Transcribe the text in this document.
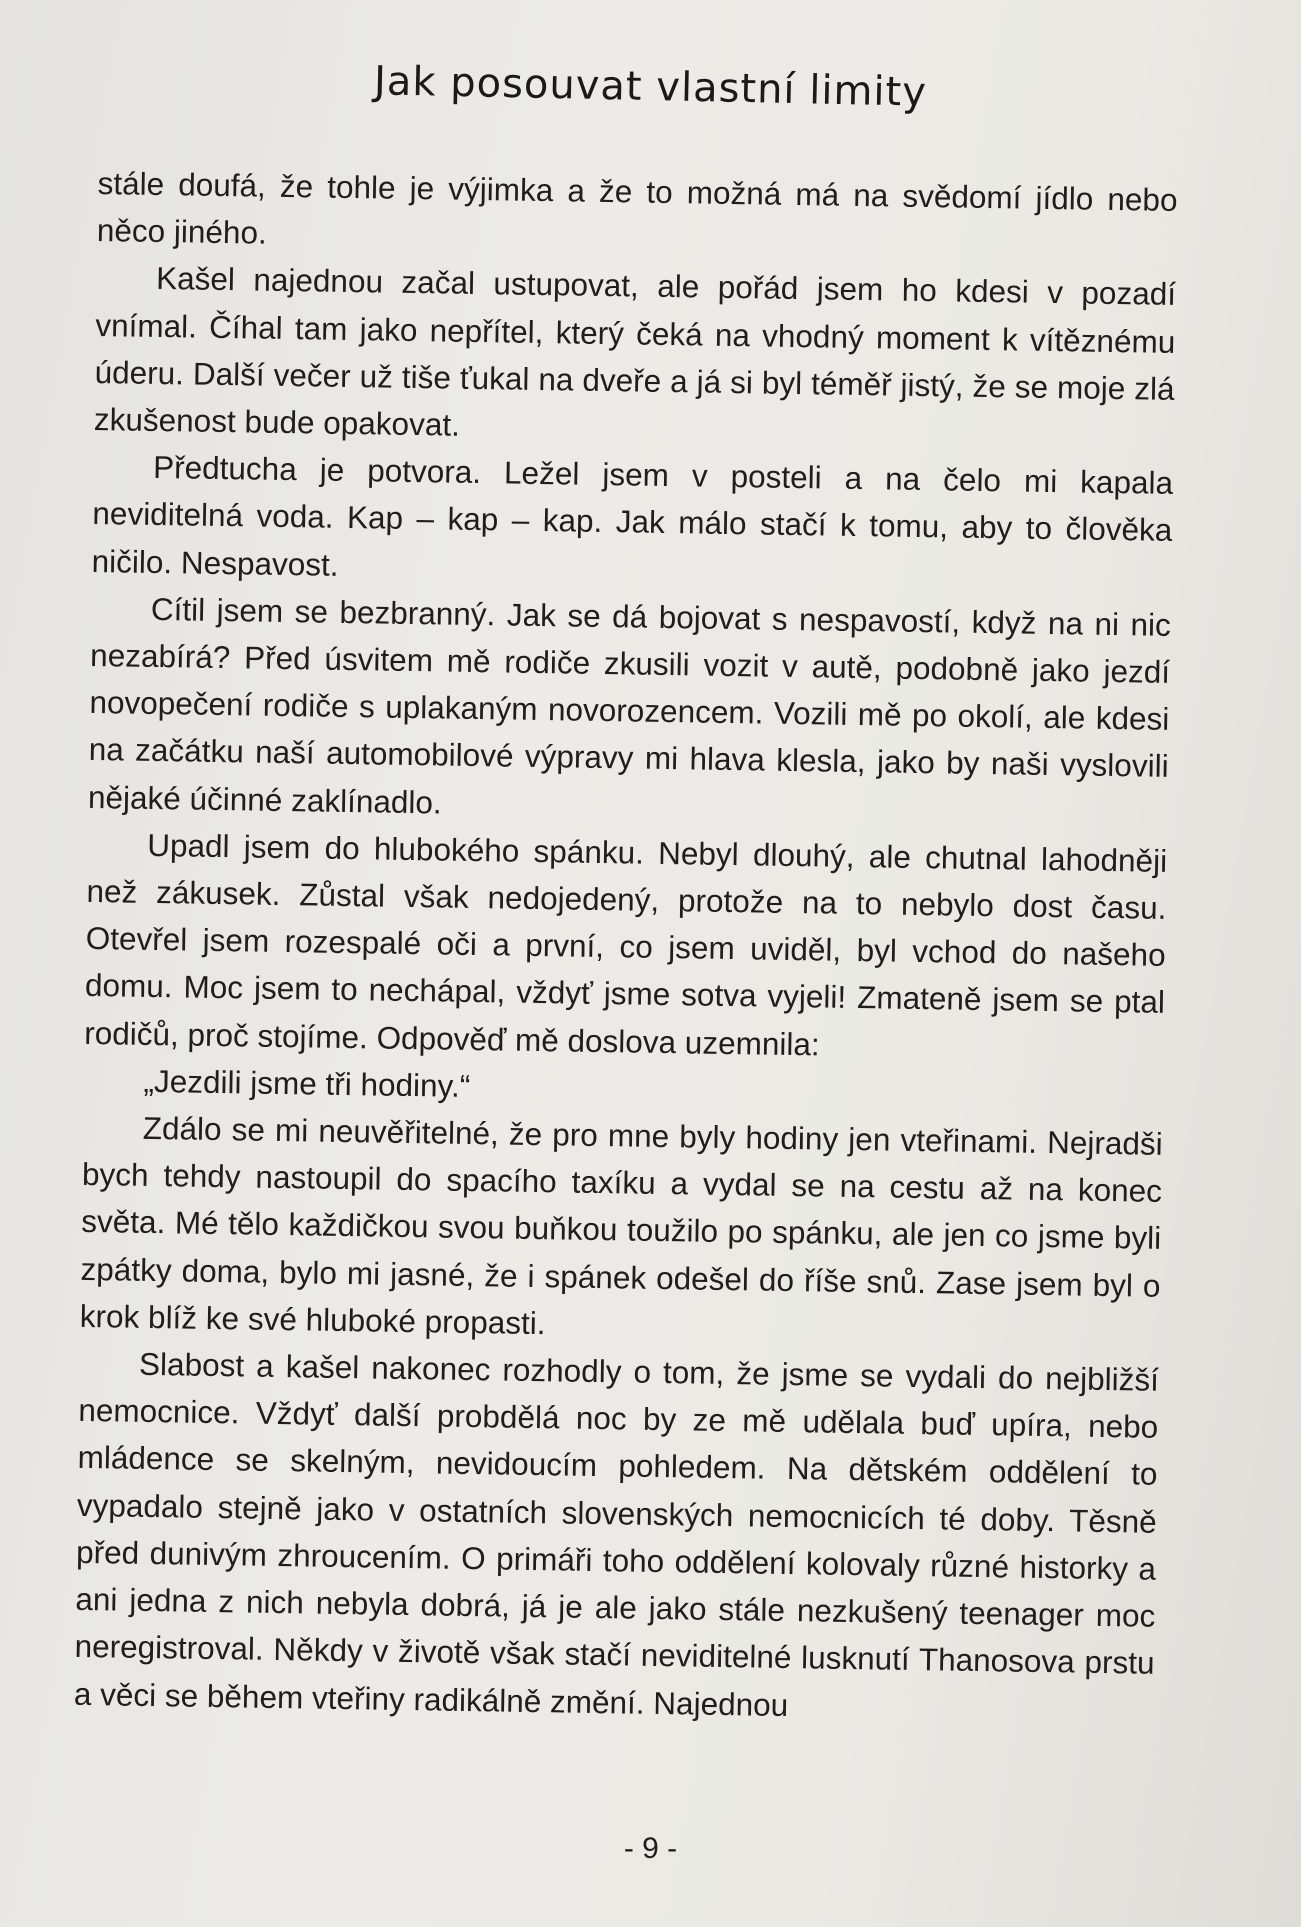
Jak posouvat vlastní limity

stále doufá, že tohle je výjimka a že to možná má na svědomí jídlo nebo něco jiného.

Kašel najednou začal ustupovat, ale pořád jsem ho kdesi v pozadí vnímal. Číhal tam jako nepřítel, který čeká na vhodný moment k vítěznému úderu. Další večer už tiše ťukal na dveře a já si byl téměř jistý, že se moje zlá zkušenost bude opakovat.

Předtucha je potvora. Ležel jsem v posteli a na čelo mi kapala neviditelná voda. Kap – kap – kap. Jak málo stačí k tomu, aby to člověka ničilo. Nespavost.

Cítil jsem se bezbranný. Jak se dá bojovat s nespavostí, když na ni nic nezabírá? Před úsvitem mě rodiče zkusili vozit v autě, podobně jako jezdí novopečení rodiče s uplakaným novorozencem. Vozili mě po okolí, ale kdesi na začátku naší automobilové výpravy mi hlava klesla, jako by naši vyslovili nějaké účinné zaklínadlo.

Upadl jsem do hlubokého spánku. Nebyl dlouhý, ale chutnal lahodněji než zákusek. Zůstal však nedojedený, protože na to nebylo dost času. Otevřel jsem rozespalé oči a první, co jsem uviděl, byl vchod do našeho domu. Moc jsem to nechápal, vždyť jsme sotva vyjeli! Zmateně jsem se ptal rodičů, proč stojíme. Odpověď mě doslova uzemnila:

„Jezdili jsme tři hodiny.“

Zdálo se mi neuvěřitelné, že pro mne byly hodiny jen vteřinami. Nejradši bych tehdy nastoupil do spacího taxíku a vydal se na cestu až na konec světa. Mé tělo každičkou svou buňkou toužilo po spánku, ale jen co jsme byli zpátky doma, bylo mi jasné, že i spánek odešel do říše snů. Zase jsem byl o krok blíž ke své hluboké propasti.

Slabost a kašel nakonec rozhodly o tom, že jsme se vydali do nejbližší nemocnice. Vždyť další probdělá noc by ze mě udělala buď upíra, nebo mládence se skelným, nevidoucím pohledem. Na dětském oddělení to vypadalo stejně jako v ostatních slovenských nemocnicích té doby. Těsně před dunivým zhroucením. O primáři toho oddělení kolovaly různé historky a ani jedna z nich nebyla dobrá, já je ale jako stále nezkušený teenager moc neregistroval. Někdy v životě však stačí neviditelné lusknutí Thanosova prstu a věci se během vteřiny radikálně změní. Najednou

- 9 -
